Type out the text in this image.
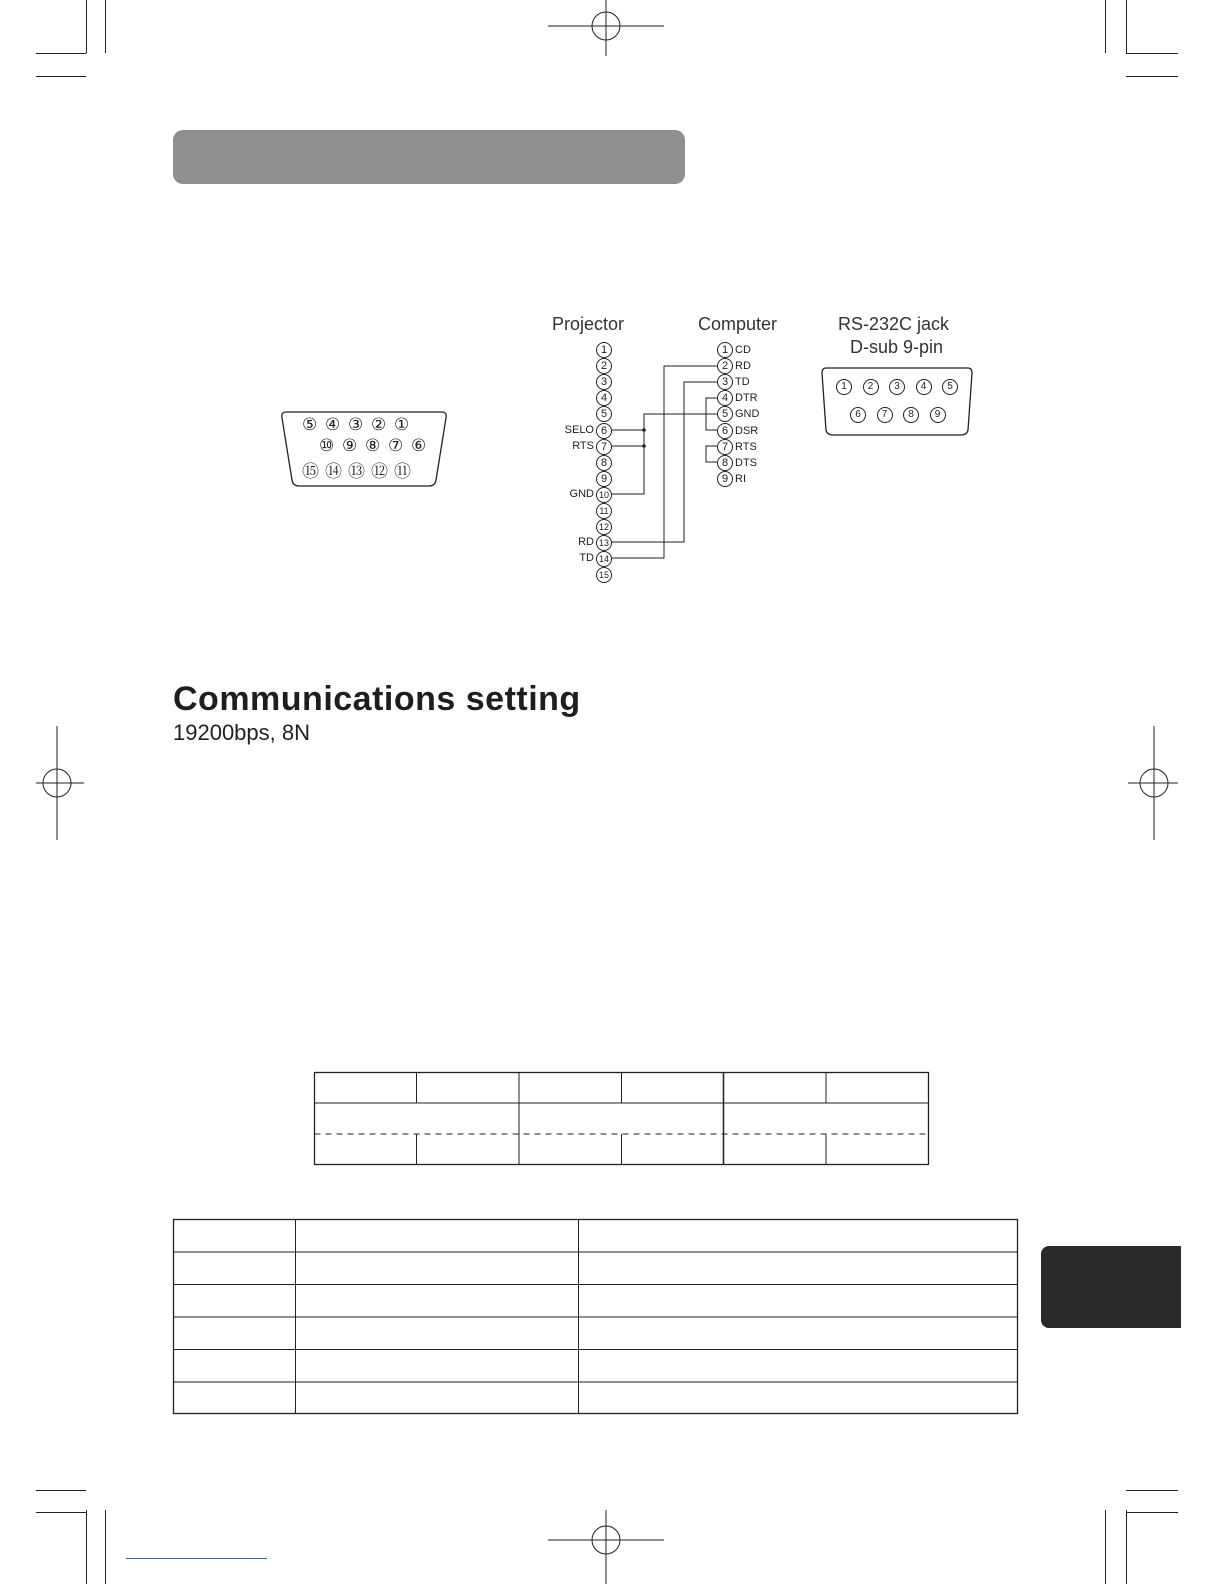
⑤ ④ ③ ② ①
⑩ ⑨ ⑧ ⑦ ⑥
⑮ ⑭ ⑬ ⑫ ⑪
Projector	Computer	RS-232C jack
D-sub 9-pin
1
2
3
4
5
6
SELO
7
RTS
8
9
10
GND
11
12
13
RD
14
TD
15
1 CD
2 RD
3 TD
4 DTR
5 GND
6 DSR
7 RTS
8 DTS
9 RI
1	2	3	4	5
6	7	8	9
Communications setting
19200bps, 8N
